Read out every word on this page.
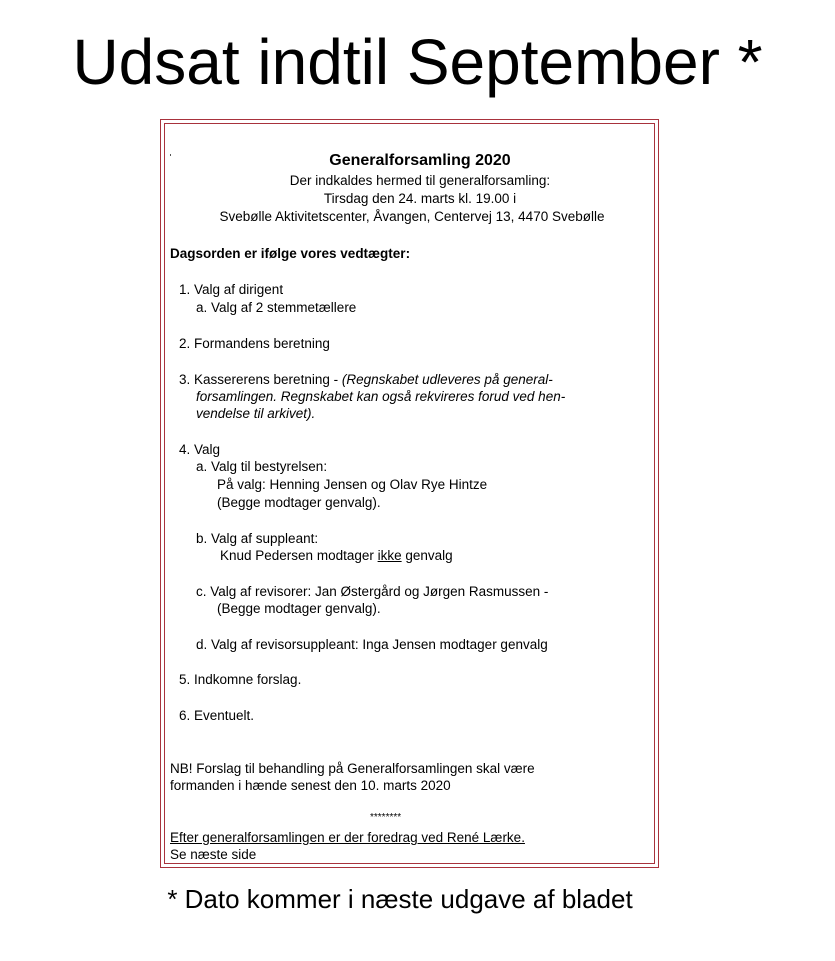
Udsat indtil September *
Generalforsamling 2020
Der indkaldes hermed til generalforsamling:
Tirsdag den 24. marts kl. 19.00 i
Svebølle Aktivitetscenter, Åvangen, Centervej 13, 4470 Svebølle
Dagsorden er ifølge vores vedtægter:
1. Valg af dirigent
a. Valg af 2 stemmetællere
2. Formandens beretning
3. Kassererens beretning - (Regnskabet udleveres på general-
forsamlingen. Regnskabet kan også rekvireres forud ved hen-
vendelse til arkivet).
4. Valg
a. Valg til bestyrelsen:
På valg: Henning Jensen og Olav Rye Hintze
(Begge modtager genvalg).
b. Valg af suppleant:
Knud Pedersen modtager ikke genvalg
c. Valg af revisorer: Jan Østergård og Jørgen Rasmussen -
(Begge modtager genvalg).
d. Valg af revisorsuppleant: Inga Jensen modtager genvalg
5. Indkomne forslag.
6. Eventuelt.
NB! Forslag til behandling på Generalforsamlingen skal være
formanden i hænde senest den 10. marts 2020
********
Efter generalforsamlingen er der foredrag ved René Lærke.
Se næste side
* Dato kommer i næste udgave af bladet
